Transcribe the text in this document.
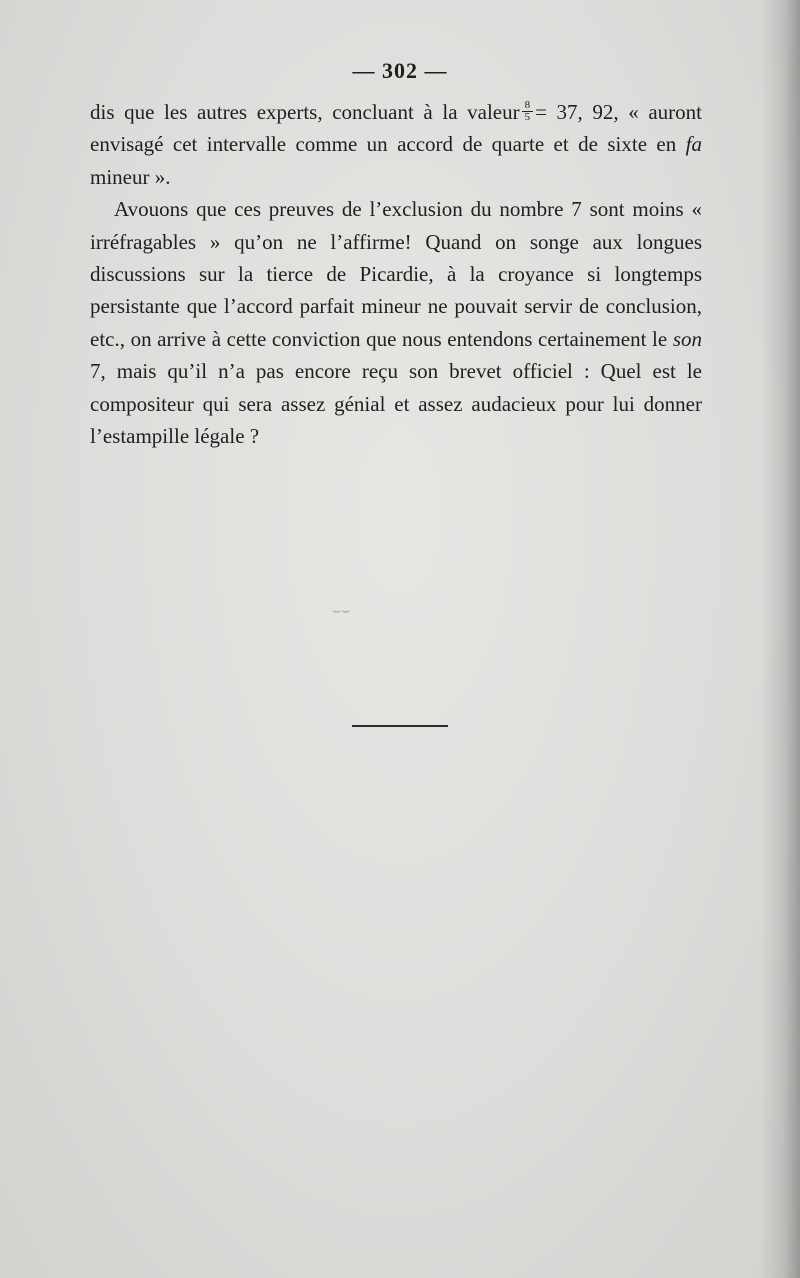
— 302 —

dis que les autres experts, concluant à la valeur $\frac{8}{5} = 37$, 92, « auront envisagé cet intervalle comme un accord de quarte et de sixte en fa mineur ».

Avouons que ces preuves de l’exclusion du nombre 7 sont moins « irréfragables » qu’on ne l’affirme! Quand on songe aux longues discussions sur la tierce de Picardie, à la croyance si longtemps persistante que l’accord parfait mineur ne pouvait servir de conclusion, etc., on arrive à cette conviction que nous entendons certainement le son 7, mais qu’il n’a pas encore reçu son brevet officiel : Quel est le compositeur qui sera assez génial et assez audacieux pour lui donner l’estampille légale ?

⌣⌣
